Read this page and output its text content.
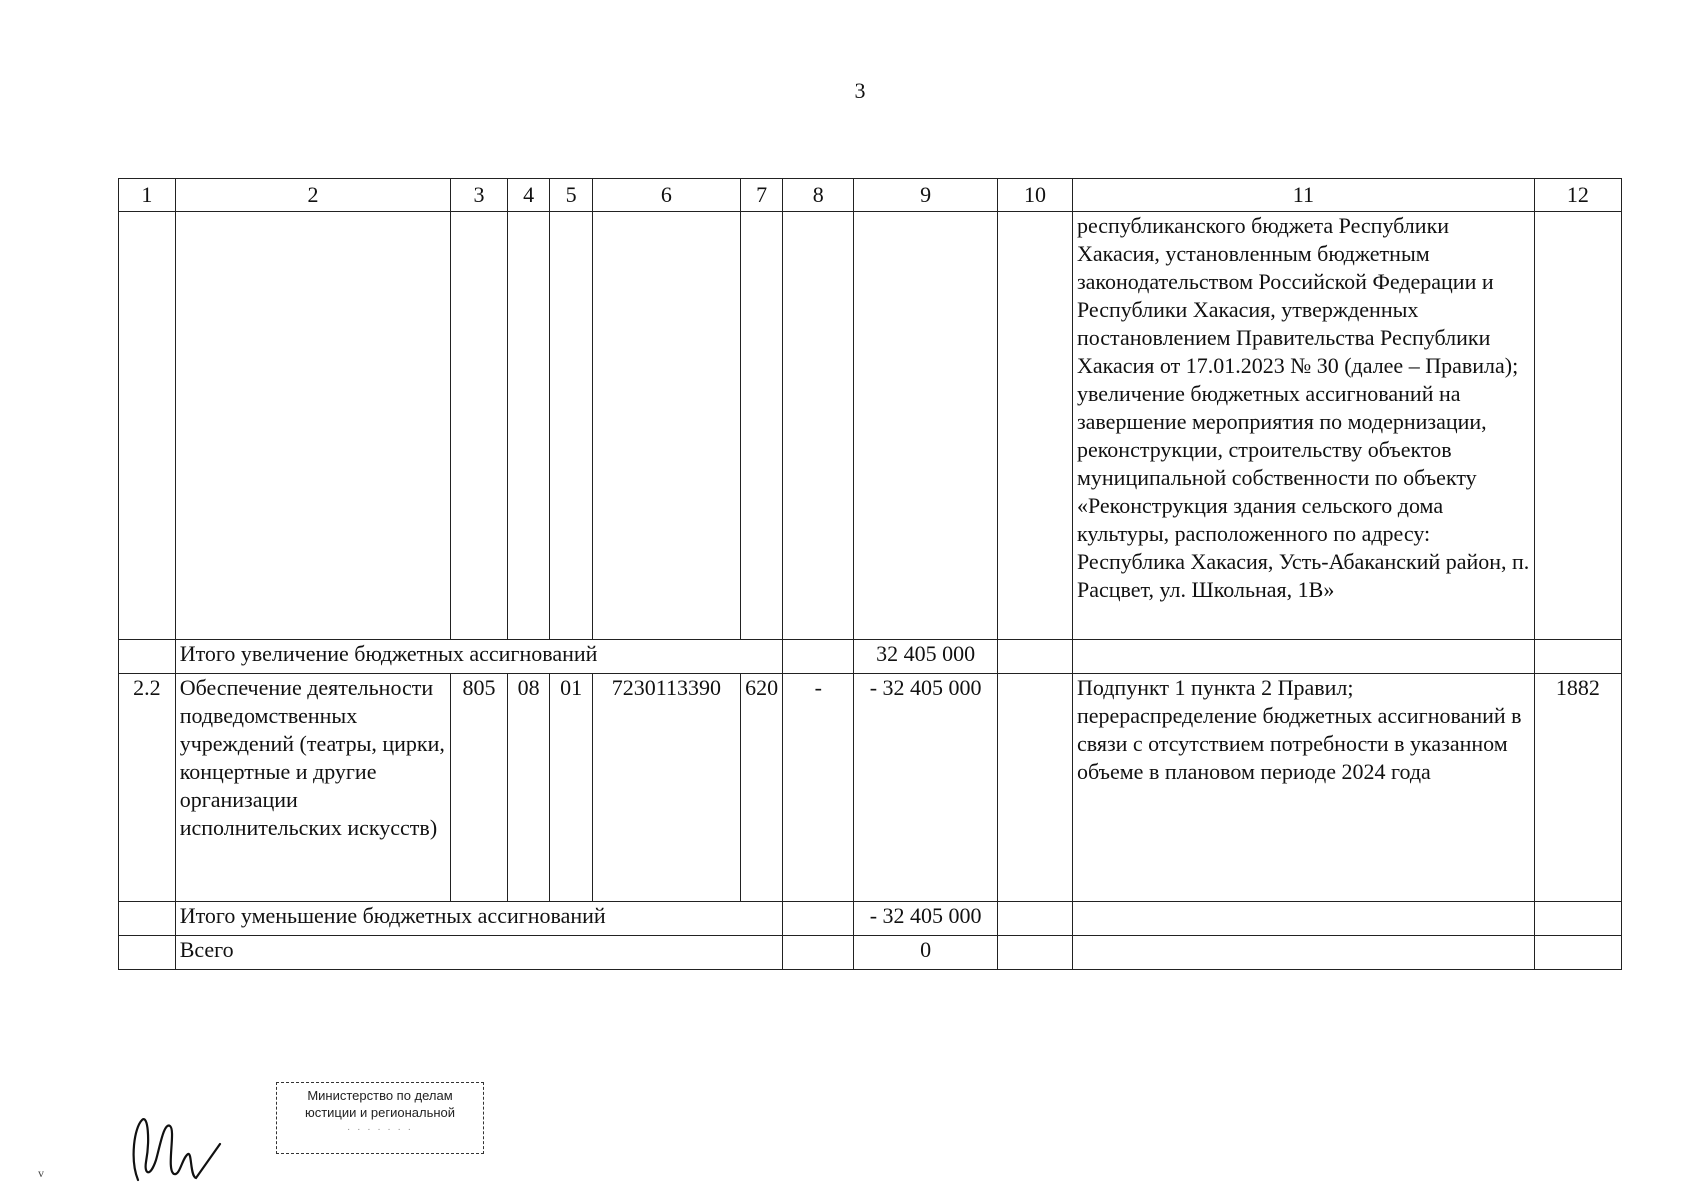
3
1	2	3	4	5	6	7	8	9	10	11	12
										республиканского бюджета Республики Хакасия, установленным бюджетным законодательством Российской Федерации и Республики Хакасия, утвержденных постановлением Правительства Республики Хакасия от 17.01.2023 № 30 (далее – Правила); увеличение бюджетных ассигнований на завершение мероприятия по модернизации, реконструкции, строительству объектов муниципальной собственности по объекту «Реконструкция здания сельского дома культуры, расположенного по адресу: Республика Хакасия, Усть-Абаканский район, п. Расцвет, ул. Школьная, 1В»	
	Итого увеличение бюджетных ассигнований							32 405 000			
2.2	Обеспечение деятельности подведомственных учреждений (театры, цирки, концертные и другие организации исполнительских искусств)	805	08	01	7230113390	620	-	- 32 405 000		Подпункт 1 пункта 2 Правил; перераспределение бюджетных ассигнований в связи с отсутствием потребности в указанном объеме в плановом периоде 2024 года	1882
	Итого уменьшение бюджетных ассигнований							- 32 405 000			
	Всего							0			
v
Министерство по делам
юстиции и региональной
· · · · · · ·
